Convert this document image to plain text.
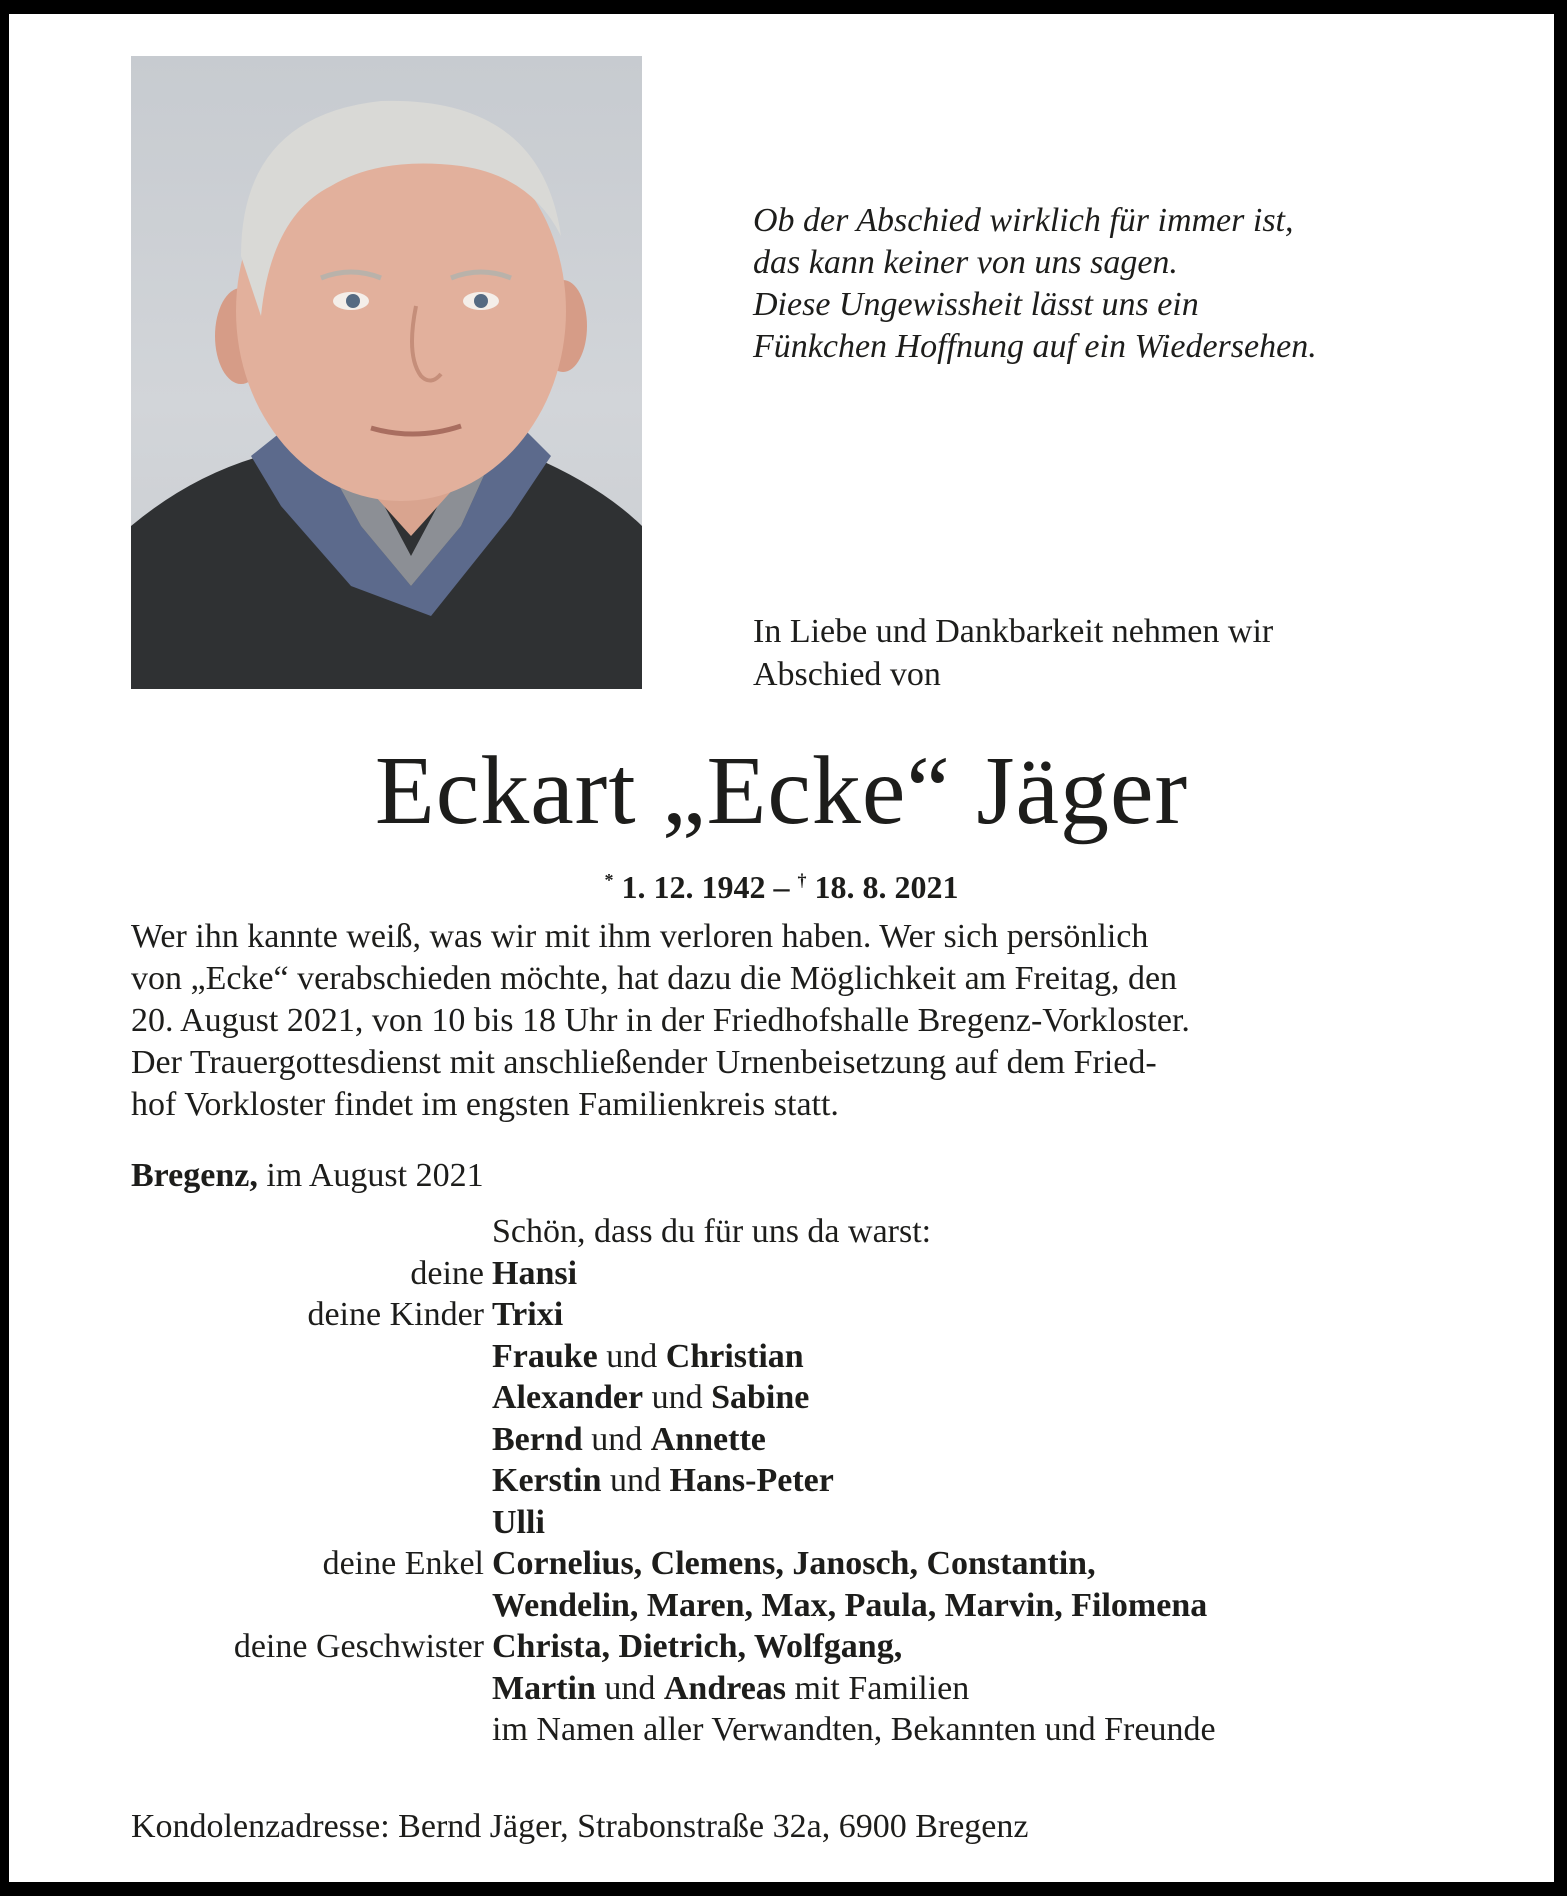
Ob der Abschied wirklich für immer ist,
das kann keiner von uns sagen.
Diese Ungewissheit lässt uns ein
Fünkchen Hoffnung auf ein Wiedersehen.
In Liebe und Dankbarkeit nehmen wir
Abschied von
Eckart „Ecke“ Jäger
* 1. 12. 1942 – † 18. 8. 2021
Wer ihn kannte weiß, was wir mit ihm verloren haben. Wer sich persönlich
von „Ecke“ verabschieden möchte, hat dazu die Möglichkeit am Freitag, den
20. August 2021, von 10 bis 18 Uhr in der Friedhofshalle Bregenz-Vorkloster.
Der Trauergottesdienst mit anschließender Urnenbeisetzung auf dem Fried-
hof Vorkloster findet im engsten Familienkreis statt.
Bregenz, im August 2021
Schön, dass du für uns da warst:
deine Hansi
deine Kinder Trixi
Frauke und Christian
Alexander und Sabine
Bernd und Annette
Kerstin und Hans-Peter
Ulli
deine Enkel Cornelius, Clemens, Janosch, Constantin,
Wendelin, Maren, Max, Paula, Marvin, Filomena
deine Geschwister Christa, Dietrich, Wolfgang,
Martin und Andreas mit Familien
im Namen aller Verwandten, Bekannten und Freunde
Kondolenzadresse: Bernd Jäger, Strabonstraße 32a, 6900 Bregenz
